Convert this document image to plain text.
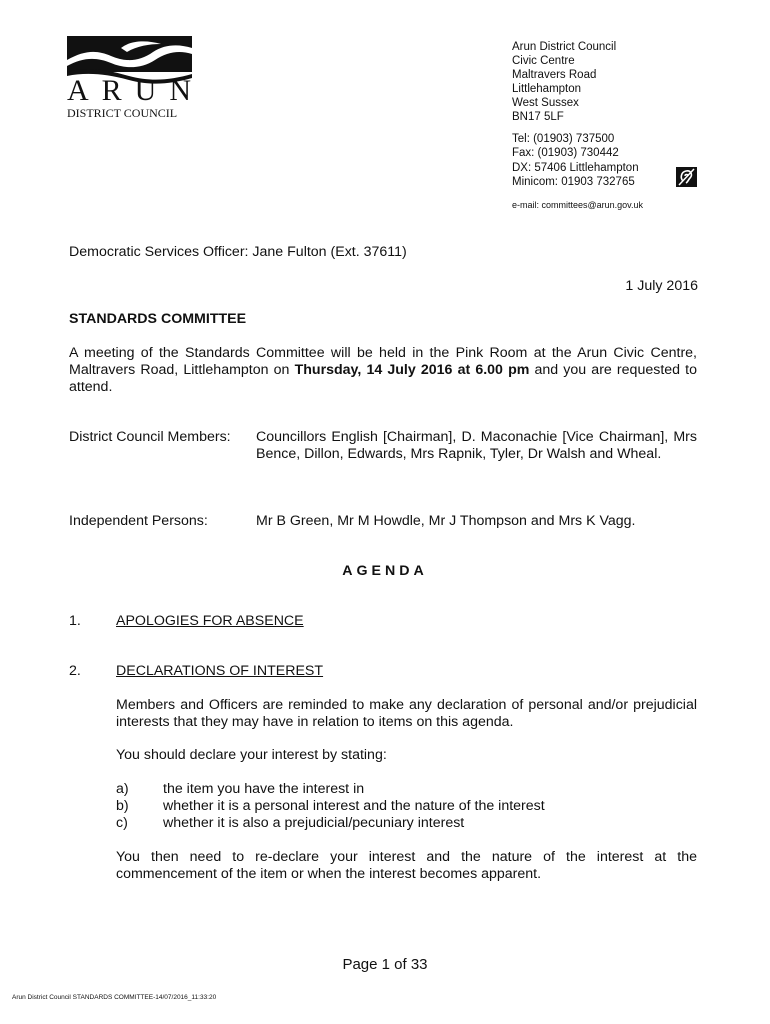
ARUN
DISTRICT COUNCIL
Arun District Council
Civic Centre
Maltravers Road
Littlehampton
West Sussex
BN17 5LF
Tel: (01903) 737500
Fax: (01903) 730442
DX: 57406 Littlehampton
Minicom: 01903 732765
e-mail: committees@arun.gov.uk
Democratic Services Officer: Jane Fulton (Ext. 37611)
1 July 2016
STANDARDS COMMITTEE
A meeting of the Standards Committee will be held in the Pink Room at the Arun Civic Centre, Maltravers Road, Littlehampton on Thursday, 14 July 2016 at 6.00 pm and you are requested to attend.
District Council Members: Councillors English [Chairman], D. Maconachie [Vice Chairman], Mrs Bence, Dillon, Edwards, Mrs Rapnik, Tyler, Dr Walsh and Wheal.
Independent Persons:	Mr B Green, Mr M Howdle, Mr J Thompson and Mrs K Vagg.
AGENDA
1. APOLOGIES FOR ABSENCE
2. DECLARATIONS OF INTEREST
Members and Officers are reminded to make any declaration of personal and/or prejudicial interests that they may have in relation to items on this agenda.
You should declare your interest by stating:
a) the item you have the interest in
b) whether it is a personal interest and the nature of the interest
c) whether it is also a prejudicial/pecuniary interest
You then need to re-declare your interest and the nature of the interest at the commencement of the item or when the interest becomes apparent.
Page 1 of 33
Arun District Council STANDARDS COMMITTEE-14/07/2016_11:33:20
